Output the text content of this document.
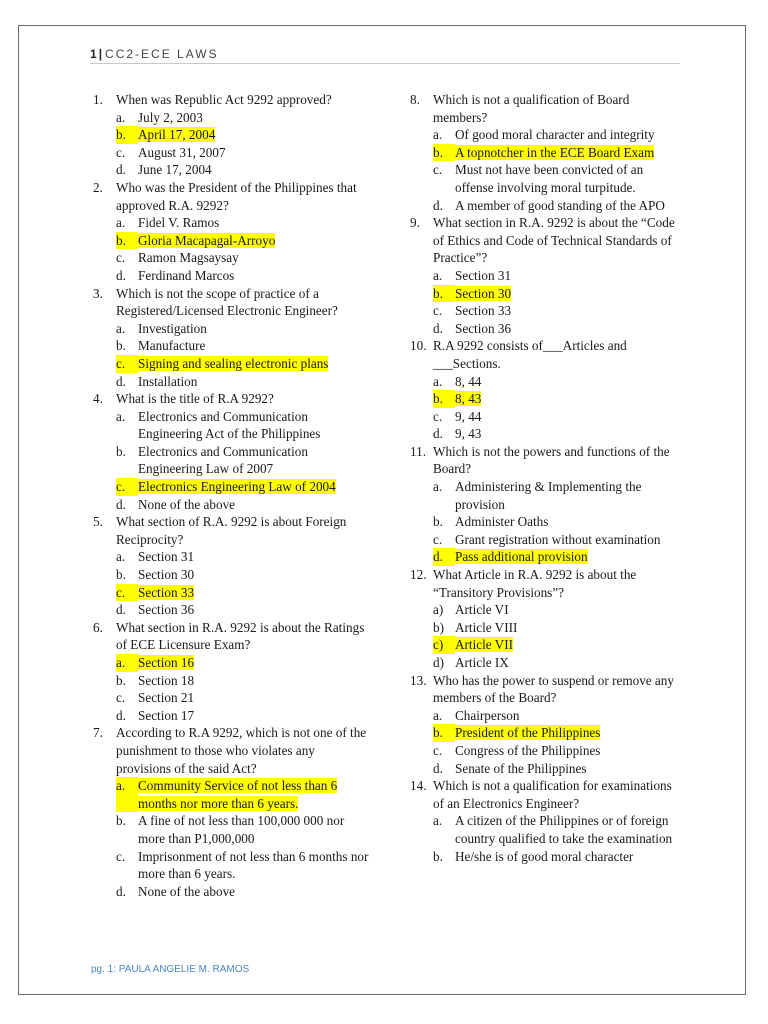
1 | CC2-ECE LAWS
1. When was Republic Act 9292 approved?
a. July 2, 2003
b. April 17, 2004
c. August 31, 2007
d. June 17, 2004
2. Who was the President of the Philippines that approved R.A. 9292?
a. Fidel V. Ramos
b. Gloria Macapagal-Arroyo
c. Ramon Magsaysay
d. Ferdinand Marcos
3. Which is not the scope of practice of a Registered/Licensed Electronic Engineer?
a. Investigation
b. Manufacture
c. Signing and sealing electronic plans
d. Installation
4. What is the title of R.A 9292?
a. Electronics and Communication Engineering Act of the Philippines
b. Electronics and Communication Engineering Law of 2007
c. Electronics Engineering Law of 2004
d. None of the above
5. What section of R.A. 9292 is about Foreign Reciprocity?
a. Section 31
b. Section 30
c. Section 33
d. Section 36
6. What section in R.A. 9292 is about the Ratings of ECE Licensure Exam?
a. Section 16
b. Section 18
c. Section 21
d. Section 17
7. According to R.A 9292, which is not one of the punishment to those who violates any provisions of the said Act?
a. Community Service of not less than 6 months nor more than 6 years.
b. A fine of not less than 100,000 000 nor more than P1,000,000
c. Imprisonment of not less than 6 months nor more than 6 years.
d. None of the above
8. Which is not a qualification of Board members?
a. Of good moral character and integrity
b. A topnotcher in the ECE Board Exam
c. Must not have been convicted of an offense involving moral turpitude.
d. A member of good standing of the APO
9. What section in R.A. 9292 is about the “Code of Ethics and Code of Technical Standards of Practice”?
a. Section 31
b. Section 30
c. Section 33
d. Section 36
10. R.A 9292 consists of___Articles and ___Sections.
a. 8, 44
b. 8, 43
c. 9, 44
d. 9, 43
11. Which is not the powers and functions of the Board?
a. Administering & Implementing the provision
b. Administer Oaths
c. Grant registration without examination
d. Pass additional provision
12. What Article in R.A. 9292 is about the “Transitory Provisions”?
a) Article VI
b) Article VIII
c) Article VII
d) Article IX
13. Who has the power to suspend or remove any members of the Board?
a. Chairperson
b. President of the Philippines
c. Congress of the Philippines
d. Senate of the Philippines
14. Which is not a qualification for examinations of an Electronics Engineer?
a. A citizen of the Philippines or of foreign country qualified to take the examination
b. He/she is of good moral character
pg. 1: PAULA ANGELIE M. RAMOS
